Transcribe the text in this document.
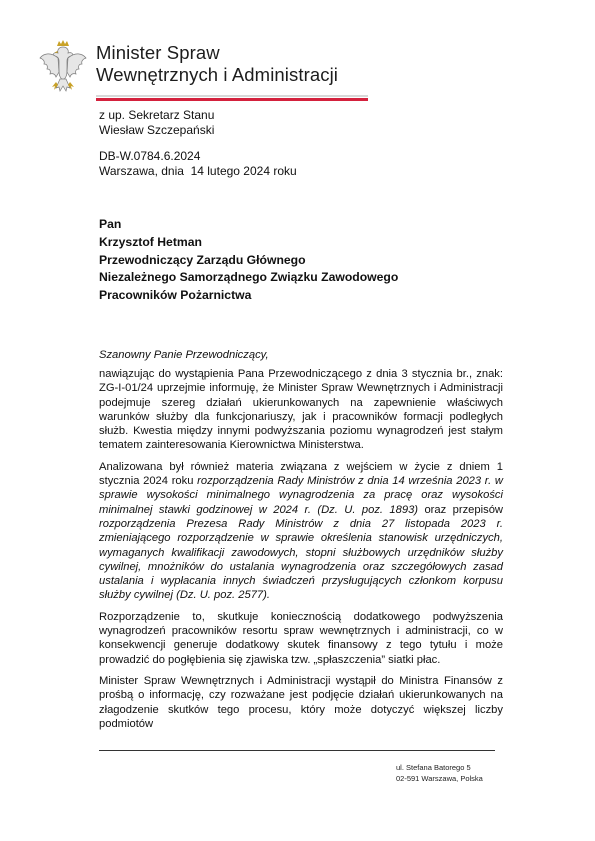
Minister Spraw
Wewnętrznych i Administracji
z up. Sekretarz Stanu
Wiesław Szczepański
DB-W.0784.6.2024
Warszawa, dnia  14 lutego 2024 roku
Pan
Krzysztof Hetman
Przewodniczący Zarządu Głównego
Niezależnego Samorządnego Związku Zawodowego
Pracowników Pożarnictwa
Szanowny Panie Przewodniczący,

nawiązując do wystąpienia Pana Przewodniczącego z dnia 3 stycznia br., znak: ZG-I-01/24 uprzejmie informuję, że Minister Spraw Wewnętrznych i Administracji podejmuje szereg działań ukierunkowanych na zapewnienie właściwych warunków służby dla funkcjonariuszy, jak i pracowników formacji podległych służb. Kwestia między innymi podwyższania poziomu wynagrodzeń jest stałym tematem zainteresowania Kierownictwa Ministerstwa.

Analizowana był również materia związana z wejściem w życie z dniem 1 stycznia 2024 roku rozporządzenia Rady Ministrów z dnia 14 września 2023 r. w sprawie wysokości minimalnego wynagrodzenia za pracę oraz wysokości minimalnej stawki godzinowej w 2024 r. (Dz. U. poz. 1893) oraz przepisów rozporządzenia Prezesa Rady Ministrów z dnia 27 listopada 2023 r. zmieniającego rozporządzenie w sprawie określenia stanowisk urzędniczych, wymaganych kwalifikacji zawodowych, stopni służbowych urzędników służby cywilnej, mnożników do ustalania wynagrodzenia oraz szczegółowych zasad ustalania i wypłacania innych świadczeń przysługujących członkom korpusu służby cywilnej (Dz. U. poz. 2577).

Rozporządzenie to, skutkuje koniecznością dodatkowego podwyższenia wynagrodzeń pracowników resortu spraw wewnętrznych i administracji, co w konsekwencji generuje dodatkowy skutek finansowy z tego tytułu i może prowadzić do pogłębienia się zjawiska tzw. „spłaszczenia” siatki płac.

Minister Spraw Wewnętrznych i Administracji wystąpił do Ministra Finansów z prośbą o informację, czy rozważane jest podjęcie działań ukierunkowanych na złagodzenie skutków tego procesu, który może dotyczyć większej liczby podmiotów

ul. Stefana Batorego 5
02-591 Warszawa, Polska
